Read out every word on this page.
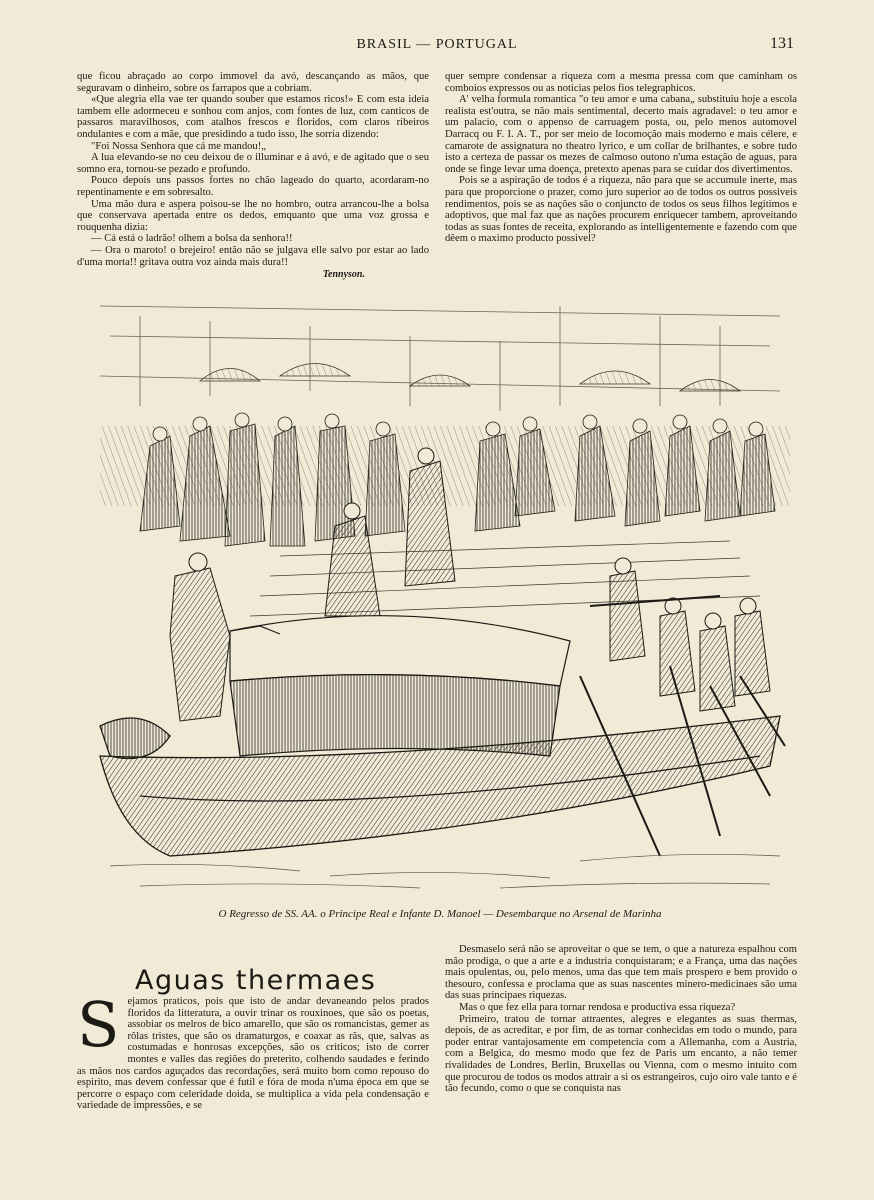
BRASIL — PORTUGAL	131

que ficou abraçado ao corpo immovel da avó, descançando as mãos, que seguravam o dinheiro, sobre os farrapos que a cobriam.

«Que alegria ella vae ter quando souber que estamos ricos!» E com esta ideia tambem elle adormeceu e sonhou com anjos, com fontes de luz, com canticos de passaros maravilhosos, com atalhos frescos e floridos, com claros ribeiros ondulantes e com a mãe, que presidindo a tudo isso, lhe sorria dizendo:

"Foi Nossa Senhora que cá me mandou!„

A lua elevando-se no ceu deixou de o illuminar e á avó, e de agitado que o seu somno era, tornou-se pezado e profundo.

Pouco depois uns passos fortes no chão lageado do quarto, acordaram-no repentinamente e em sobresalto.

Uma mão dura e aspera poisou-se lhe no hombro, outra arrancou-lhe a bolsa que conservava apertada entre os dedos, emquanto que uma voz grossa e rouquenha dizia:

— Cá está o ladrão! olhem a bolsa da senhora!!

— Ora o maroto! o brejeiro! então não se julgava elle salvo por estar ao lado d'uma morta!! gritava outra voz ainda mais dura!!

Tennyson.

quer sempre condensar a riqueza com a mesma pressa com que caminham os comboios expressos ou as noticias pelos fios telegraphicos.

A' velha formula romantica "o teu amor e uma cabana„ substituiu hoje a escola realista est'outra, se não mais sentimental, decerto mais agradavel: o teu amor e um palacio, com o appenso de carruagem posta, ou, pelo menos automovel Darracq ou F. I. A. T., por ser meio de locomoção mais moderno e mais célere, e camarote de assignatura no theatro lyrico, e um collar de brilhantes, e sobre tudo isto a certeza de passar os mezes de calmoso outono n'uma estação de aguas, para onde se finge levar uma doença, pretexto apenas para se cuidar dos divertimentos.

Pois se a aspiração de todos é a riqueza, não para que se accumule inerte, mas para que proporcione o prazer, como juro superior ao de todos os outros possiveis rendimentos, pois se as nações são o conjuncto de todos os seus filhos legitimos e adoptivos, que mal faz que as nações procurem enriquecer tambem, aproveitando todas as suas fontes de receita, explorando as intelligentemente e fazendo com que dêem o maximo producto possivel?

O Regresso de SS. AA. o Principe Real e Infante D. Manoel — Desembarque no Arsenal de Marinha
Aguas thermaes
S ejamos praticos, pois que isto de andar devaneando pelos prados floridos da litteratura, a ouvir trinar os rouxinoes, que são os poetas, assobiar os melros de bico amarello, que são os romancistas, gemer as rôlas tristes, que são os dramaturgos, e coaxar as rãs, que, salvas as costumadas e honrosas excepções, são os criticos; isto de correr montes e valles das regiões do preterito, colhendo saudades e ferindo as mãos nos cardos aguçados das recordações, será muito bom como repouso do espirito, mas devem confessar que é futil e fóra de moda n'uma época em que se percorre o espaço com celeridade doida, se multiplica a vida pela condensação e variedade de impressões, e se

Desmaselo será não se aproveitar o que se tem, o que a natureza espalhou com mão prodiga, o que a arte e a industria conquistaram; e a França, uma das nações mais opulentas, ou, pelo menos, uma das que tem mais prospero e bem provido o thesouro, confessa e proclama que as suas nascentes minero-medicinaes são uma das suas principaes riquezas.

Mas o que fez ella para tornar rendosa e productiva essa riqueza?

Primeiro, tratou de tornar attraentes, alegres e elegantes as suas thermas, depois, de as acreditar, e por fim, de as tornar conhecidas em todo o mundo, para poder entrar vantajosamente em competencia com a Allemanha, com a Austria, com a Belgica, do mesmo modo que fez de Paris um encanto, a não temer rivalidades de Londres, Berlin, Bruxellas ou Vienna, com o mesmo intuito com que procurou de todos os modos attrair a si os estrangeiros, cujo oiro vale tanto e é tão fecundo, como o que se conquista nas
